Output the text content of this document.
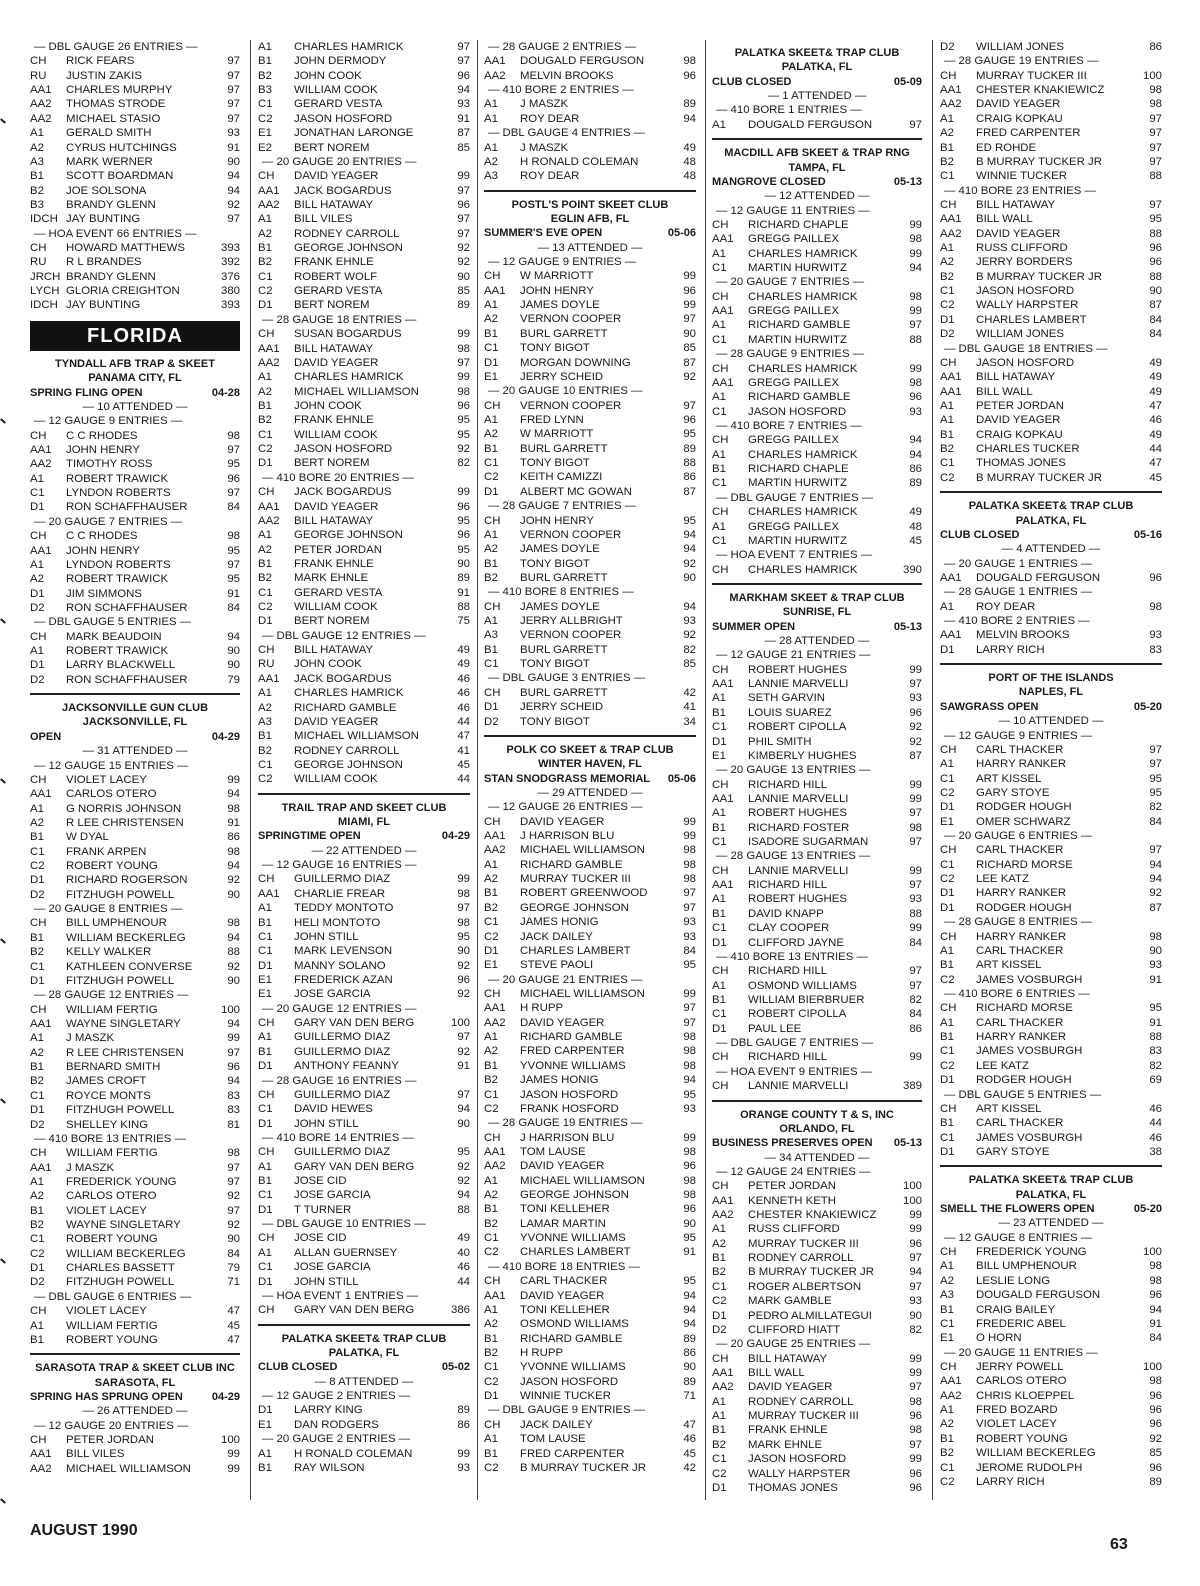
— DBL GAUGE 26 ENTRIES —
CH	RICK FEARS	97
RU	JUSTIN ZAKIS	97
AA1	CHARLES MURPHY	97
AA2	THOMAS STRODE	97
AA2	MICHAEL STASIO	97
A1	GERALD SMITH	93
A2	CYRUS HUTCHINGS	91
A3	MARK WERNER	90
B1	SCOTT BOARDMAN	94
B2	JOE SOLSONA	94
B3	BRANDY GLENN	92
IDCH JAY BUNTING	97
— HOA EVENT 66 ENTRIES —
CH	HOWARD MATTHEWS	393
RU	R L BRANDES	392
JRCH BRANDY GLENN	376
LYCH GLORIA CREIGHTON	380
IDCH JAY BUNTING	393
FLORIDA
TYNDALL AFB TRAP & SKEET
PANAMA CITY, FL
SPRING FLING OPEN	04-28
— 10 ATTENDED —
— 12 GAUGE 9 ENTRIES —
CH	C C RHODES	98
AA1	JOHN HENRY	97
AA2	TIMOTHY ROSS	95
A1	ROBERT TRAWICK	96
C1	LYNDON ROBERTS	97
D1	RON SCHAFFHAUSER	84
— 20 GAUGE 7 ENTRIES —
CH	C C RHODES	98
AA1	JOHN HENRY	95
A1	LYNDON ROBERTS	97
A2	ROBERT TRAWICK	95
D1	JIM SIMMONS	91
D2	RON SCHAFFHAUSER	84
— DBL GAUGE 5 ENTRIES —
CH	MARK BEAUDOIN	94
A1	ROBERT TRAWICK	90
D1	LARRY BLACKWELL	90
D2	RON SCHAFFHAUSER	79
JACKSONVILLE GUN CLUB
JACKSONVILLE, FL
OPEN	04-29
— 31 ATTENDED —
— 12 GAUGE 15 ENTRIES —
CH	VIOLET LACEY	99
AA1	CARLOS OTERO	94
A1	G NORRIS JOHNSON	98
A2	R LEE CHRISTENSEN	91
B1	W DYAL	86
C1	FRANK ARPEN	98
C2	ROBERT YOUNG	94
D1	RICHARD ROGERSON	92
D2	FITZHUGH POWELL	90
— 20 GAUGE 8 ENTRIES —
CH	BILL UMPHENOUR	98
B1	WILLIAM BECKERLEG	94
B2	KELLY WALKER	88
C1	KATHLEEN CONVERSE	92
D1	FITZHUGH POWELL	90
— 28 GAUGE 12 ENTRIES —
CH	WILLIAM FERTIG	100
AA1	WAYNE SINGLETARY	94
A1	J MASZK	99
A2	R LEE CHRISTENSEN	97
B1	BERNARD SMITH	96
B2	JAMES CROFT	94
C1	ROYCE MONTS	83
D1	FITZHUGH POWELL	83
D2	SHELLEY KING	81
— 410 BORE 13 ENTRIES —
CH	WILLIAM FERTIG	98
AA1	J MASZK	97
A1	FREDERICK YOUNG	97
A2	CARLOS OTERO	92
B1	VIOLET LACEY	97
B2	WAYNE SINGLETARY	92
C1	ROBERT YOUNG	90
C2	WILLIAM BECKERLEG	84
D1	CHARLES BASSETT	79
D2	FITZHUGH POWELL	71
— DBL GAUGE 6 ENTRIES —
CH	VIOLET LACEY	47
A1	WILLIAM FERTIG	45
B1	ROBERT YOUNG	47
SARASOTA TRAP & SKEET CLUB INC
SARASOTA, FL
SPRING HAS SPRUNG OPEN	04-29
— 26 ATTENDED —
— 12 GAUGE 20 ENTRIES —
CH	PETER JORDAN	100
AA1	BILL VILES	99
AA2	MICHAEL WILLIAMSON	99
A1	CHARLES HAMRICK	97
B1	JOHN DERMODY	97
B2	JOHN COOK	96
B3	WILLIAM COOK	94
C1	GERARD VESTA	93
C2	JASON HOSFORD	91
E1	JONATHAN LARONGE	87
E2	BERT NOREM	85
— 20 GAUGE 20 ENTRIES —
CH	DAVID YEAGER	99
AA1	JACK BOGARDUS	97
AA2	BILL HATAWAY	96
A1	BILL VILES	97
A2	RODNEY CARROLL	97
B1	GEORGE JOHNSON	92
B2	FRANK EHNLE	92
C1	ROBERT WOLF	90
C2	GERARD VESTA	85
D1	BERT NOREM	89
— 28 GAUGE 18 ENTRIES —
CH	SUSAN BOGARDUS	99
AA1	BILL HATAWAY	98
AA2	DAVID YEAGER	97
A1	CHARLES HAMRICK	99
A2	MICHAEL WILLIAMSON	98
B1	JOHN COOK	96
B2	FRANK EHNLE	95
C1	WILLIAM COOK	95
C2	JASON HOSFORD	92
D1	BERT NOREM	82
— 410 BORE 20 ENTRIES —
CH	JACK BOGARDUS	99
AA1	DAVID YEAGER	96
AA2	BILL HATAWAY	95
A1	GEORGE JOHNSON	96
A2	PETER JORDAN	95
B1	FRANK EHNLE	90
B2	MARK EHNLE	89
C1	GERARD VESTA	91
C2	WILLIAM COOK	88
D1	BERT NOREM	75
— DBL GAUGE 12 ENTRIES —
CH	BILL HATAWAY	49
RU	JOHN COOK	49
AA1	JACK BOGARDUS	46
A1	CHARLES HAMRICK	46
A2	RICHARD GAMBLE	46
A3	DAVID YEAGER	44
B1	MICHAEL WILLIAMSON	47
B2	RODNEY CARROLL	41
C1	GEORGE JOHNSON	45
C2	WILLIAM COOK	44
TRAIL TRAP AND SKEET CLUB
MIAMI, FL
SPRINGTIME OPEN	04-29
— 22 ATTENDED —
— 12 GAUGE 16 ENTRIES —
CH	GUILLERMO DIAZ	99
AA1	CHARLIE FREAR	98
A1	TEDDY MONTOTO	97
B1	HELI MONTOTO	98
C1	JOHN STILL	95
C1	MARK LEVENSON	90
D1	MANNY SOLANO	92
E1	FREDERICK AZAN	96
E1	JOSE GARCIA	92
— 20 GAUGE 12 ENTRIES —
CH	GARY VAN DEN BERG	100
A1	GUILLERMO DIAZ	97
B1	GUILLERMO DIAZ	92
D1	ANTHONY FEANNY	91
— 28 GAUGE 16 ENTRIES —
CH	GUILLERMO DIAZ	97
C1	DAVID HEWES	94
D1	JOHN STILL	90
— 410 BORE 14 ENTRIES —
CH	GUILLERMO DIAZ	95
A1	GARY VAN DEN BERG	92
B1	JOSE CID	92
C1	JOSE GARCIA	94
D1	T TURNER	88
— DBL GAUGE 10 ENTRIES —
CH	JOSE CID	49
A1	ALLAN GUERNSEY	40
C1	JOSE GARCIA	46
D1	JOHN STILL	44
— HOA EVENT 1 ENTRIES —
CH	GARY VAN DEN BERG	386
PALATKA SKEET& TRAP CLUB
PALATKA, FL
CLUB CLOSED	05-02
— 8 ATTENDED —
— 12 GAUGE 2 ENTRIES —
D1	LARRY KING	89
E1	DAN RODGERS	86
— 20 GAUGE 2 ENTRIES —
A1	H RONALD COLEMAN	99
B1	RAY WILSON	93
— 28 GAUGE 2 ENTRIES —
AA1	DOUGALD FERGUSON	98
AA2	MELVIN BROOKS	96
— 410 BORE 2 ENTRIES —
A1	J MASZK	89
A1	ROY DEAR	94
— DBL GAUGE 4 ENTRIES —
A1	J MASZK	49
A2	H RONALD COLEMAN	48
A3	ROY DEAR	48
POSTL'S POINT SKEET CLUB
EGLIN AFB, FL
SUMMER'S EVE OPEN	05-06
— 13 ATTENDED —
— 12 GAUGE 9 ENTRIES —
CH	W MARRIOTT	99
AA1	JOHN HENRY	96
A1	JAMES DOYLE	99
A2	VERNON COOPER	97
B1	BURL GARRETT	90
C1	TONY BIGOT	85
D1	MORGAN DOWNING	87
E1	JERRY SCHEID	92
— 20 GAUGE 10 ENTRIES —
CH	VERNON COOPER	97
A1	FRED LYNN	96
A2	W MARRIOTT	95
B1	BURL GARRETT	89
C1	TONY BIGOT	88
C2	KEITH CAMIZZI	86
D1	ALBERT MC GOWAN	87
— 28 GAUGE 7 ENTRIES —
CH	JOHN HENRY	95
A1	VERNON COOPER	94
A2	JAMES DOYLE	94
B1	TONY BIGOT	92
B2	BURL GARRETT	90
— 410 BORE 8 ENTRIES —
CH	JAMES DOYLE	94
A1	JERRY ALLBRIGHT	93
A3	VERNON COOPER	92
B1	BURL GARRETT	82
C1	TONY BIGOT	85
— DBL GAUGE 3 ENTRIES —
CH	BURL GARRETT	42
D1	JERRY SCHEID	41
D2	TONY BIGOT	34
POLK CO SKEET & TRAP CLUB
WINTER HAVEN, FL
STAN SNODGRASS MEMORIAL	05-06
— 29 ATTENDED —
— 12 GAUGE 26 ENTRIES —
CH	DAVID YEAGER	99
AA1	J HARRISON BLU	99
AA2	MICHAEL WILLIAMSON	98
A1	RICHARD GAMBLE	98
A2	MURRAY TUCKER III	98
B1	ROBERT GREENWOOD	97
B2	GEORGE JOHNSON	97
C1	JAMES HONIG	93
C2	JACK DAILEY	93
D1	CHARLES LAMBERT	84
E1	STEVE PAOLI	95
— 20 GAUGE 21 ENTRIES —
CH	MICHAEL WILLIAMSON	99
AA1	H RUPP	97
AA2	DAVID YEAGER	97
A1	RICHARD GAMBLE	98
A2	FRED CARPENTER	98
B1	YVONNE WILLIAMS	98
B2	JAMES HONIG	94
C1	JASON HOSFORD	95
C2	FRANK HOSFORD	93
— 28 GAUGE 19 ENTRIES —
CH	J HARRISON BLU	99
AA1	TOM LAUSE	98
AA2	DAVID YEAGER	96
A1	MICHAEL WILLIAMSON	98
A2	GEORGE JOHNSON	98
B1	TONI KELLEHER	96
B2	LAMAR MARTIN	90
C1	YVONNE WILLIAMS	95
C2	CHARLES LAMBERT	91
— 410 BORE 18 ENTRIES —
CH	CARL THACKER	95
AA1	DAVID YEAGER	94
A1	TONI KELLEHER	94
A2	OSMOND WILLIAMS	94
B1	RICHARD GAMBLE	89
B2	H RUPP	86
C1	YVONNE WILLIAMS	90
C2	JASON HOSFORD	89
D1	WINNIE TUCKER	71
— DBL GAUGE 9 ENTRIES —
CH	JACK DAILEY	47
A1	TOM LAUSE	46
B1	FRED CARPENTER	45
C2	B MURRAY TUCKER JR	42
PALATKA SKEET& TRAP CLUB
PALATKA, FL
CLUB CLOSED	05-09
— 1 ATTENDED —
— 410 BORE 1 ENTRIES —
A1	DOUGALD FERGUSON	97
MACDILL AFB SKEET & TRAP RNG
TAMPA, FL
MANGROVE CLOSED	05-13
— 12 ATTENDED —
— 12 GAUGE 11 ENTRIES —
CH	RICHARD CHAPLE	99
AA1	GREGG PAILLEX	98
A1	CHARLES HAMRICK	99
C1	MARTIN HURWITZ	94
— 20 GAUGE 7 ENTRIES —
CH	CHARLES HAMRICK	98
AA1	GREGG PAILLEX	99
A1	RICHARD GAMBLE	97
C1	MARTIN HURWITZ	88
— 28 GAUGE 9 ENTRIES —
CH	CHARLES HAMRICK	99
AA1	GREGG PAILLEX	98
A1	RICHARD GAMBLE	96
C1	JASON HOSFORD	93
— 410 BORE 7 ENTRIES —
CH	GREGG PAILLEX	94
A1	CHARLES HAMRICK	94
B1	RICHARD CHAPLE	86
C1	MARTIN HURWITZ	89
— DBL GAUGE 7 ENTRIES —
CH	CHARLES HAMRICK	49
A1	GREGG PAILLEX	48
C1	MARTIN HURWITZ	45
— HOA EVENT 7 ENTRIES —
CH	CHARLES HAMRICK	390
MARKHAM SKEET & TRAP CLUB
SUNRISE, FL
SUMMER OPEN	05-13
— 28 ATTENDED —
— 12 GAUGE 21 ENTRIES —
CH	ROBERT HUGHES	99
AA1	LANNIE MARVELLI	97
A1	SETH GARVIN	93
B1	LOUIS SUAREZ	96
C1	ROBERT CIPOLLA	92
D1	PHIL SMITH	92
E1	KIMBERLY HUGHES	87
— 20 GAUGE 13 ENTRIES —
CH	RICHARD HILL	99
AA1	LANNIE MARVELLI	99
A1	ROBERT HUGHES	97
B1	RICHARD FOSTER	98
C1	ISADORE SUGARMAN	97
— 28 GAUGE 13 ENTRIES —
CH	LANNIE MARVELLI	99
AA1	RICHARD HILL	97
A1	ROBERT HUGHES	93
B1	DAVID KNAPP	88
C1	CLAY COOPER	99
D1	CLIFFORD JAYNE	84
— 410 BORE 13 ENTRIES —
CH	RICHARD HILL	97
A1	OSMOND WILLIAMS	97
B1	WILLIAM BIERBRUER	82
C1	ROBERT CIPOLLA	84
D1	PAUL LEE	86
— DBL GAUGE 7 ENTRIES —
CH	RICHARD HILL	99
— HOA EVENT 9 ENTRIES —
CH	LANNIE MARVELLI	389
ORANGE COUNTY T & S, INC
ORLANDO, FL
BUSINESS PRESERVES OPEN	05-13
— 34 ATTENDED —
— 12 GAUGE 24 ENTRIES —
CH	PETER JORDAN	100
AA1	KENNETH KETH	100
AA2	CHESTER KNAKIEWICZ	99
A1	RUSS CLIFFORD	99
A2	MURRAY TUCKER III	96
B1	RODNEY CARROLL	97
B2	B MURRAY TUCKER JR	94
C1	ROGER ALBERTSON	97
C2	MARK GAMBLE	93
D1	PEDRO ALMILLATEGUI	90
D2	CLIFFORD HIATT	82
— 20 GAUGE 25 ENTRIES —
CH	BILL HATAWAY	99
AA1	BILL WALL	99
AA2	DAVID YEAGER	97
A1	RODNEY CARROLL	98
A1	MURRAY TUCKER III	96
B1	FRANK EHNLE	98
B2	MARK EHNLE	97
C1	JASON HOSFORD	99
C2	WALLY HARPSTER	96
D1	THOMAS JONES	96
D2	WILLIAM JONES	86
— 28 GAUGE 19 ENTRIES —
CH	MURRAY TUCKER III	100
AA1	CHESTER KNAKIEWICZ	98
AA2	DAVID YEAGER	98
A1	CRAIG KOPKAU	97
A2	FRED CARPENTER	97
B1	ED ROHDE	97
B2	B MURRAY TUCKER JR	97
C1	WINNIE TUCKER	88
— 410 BORE 23 ENTRIES —
CH	BILL HATAWAY	97
AA1	BILL WALL	95
AA2	DAVID YEAGER	88
A1	RUSS CLIFFORD	96
A2	JERRY BORDERS	96
B2	B MURRAY TUCKER JR	88
C1	JASON HOSFORD	90
C2	WALLY HARPSTER	87
D1	CHARLES LAMBERT	84
D2	WILLIAM JONES	84
— DBL GAUGE 18 ENTRIES —
CH	JASON HOSFORD	49
AA1	BILL HATAWAY	49
AA1	BILL WALL	49
A1	PETER JORDAN	47
A1	DAVID YEAGER	46
B1	CRAIG KOPKAU	49
B2	CHARLES TUCKER	44
C1	THOMAS JONES	47
C2	B MURRAY TUCKER JR	45
PALATKA SKEET& TRAP CLUB
PALATKA, FL
CLUB CLOSED	05-16
— 4 ATTENDED —
— 20 GAUGE 1 ENTRIES —
AA1	DOUGALD FERGUSON	96
— 28 GAUGE 1 ENTRIES —
A1	ROY DEAR	98
— 410 BORE 2 ENTRIES —
AA1	MELVIN BROOKS	93
D1	LARRY RICH	83
PORT OF THE ISLANDS
NAPLES, FL
SAWGRASS OPEN	05-20
— 10 ATTENDED —
— 12 GAUGE 9 ENTRIES —
CH	CARL THACKER	97
A1	HARRY RANKER	97
C1	ART KISSEL	95
C2	GARY STOYE	95
D1	RODGER HOUGH	82
E1	OMER SCHWARZ	84
— 20 GAUGE 6 ENTRIES —
CH	CARL THACKER	97
C1	RICHARD MORSE	94
C2	LEE KATZ	94
D1	HARRY RANKER	92
D1	RODGER HOUGH	87
— 28 GAUGE 8 ENTRIES —
CH	HARRY RANKER	98
A1	CARL THACKER	90
B1	ART KISSEL	93
C2	JAMES VOSBURGH	91
— 410 BORE 6 ENTRIES —
CH	RICHARD MORSE	95
A1	CARL THACKER	91
B1	HARRY RANKER	88
C1	JAMES VOSBURGH	83
C2	LEE KATZ	82
D1	RODGER HOUGH	69
— DBL GAUGE 5 ENTRIES —
CH	ART KISSEL	46
B1	CARL THACKER	44
C1	JAMES VOSBURGH	46
D1	GARY STOYE	38
PALATKA SKEET& TRAP CLUB
PALATKA, FL
SMELL THE FLOWERS OPEN	05-20
— 23 ATTENDED —
— 12 GAUGE 8 ENTRIES —
CH	FREDERICK YOUNG	100
A1	BILL UMPHENOUR	98
A2	LESLIE LONG	98
A3	DOUGALD FERGUSON	96
B1	CRAIG BAILEY	94
C1	FREDERIC ABEL	91
E1	O HORN	84
— 20 GAUGE 11 ENTRIES —
CH	JERRY POWELL	100
AA1	CARLOS OTERO	98
AA2	CHRIS KLOEPPEL	96
A1	FRED BOZARD	96
A2	VIOLET LACEY	96
B1	ROBERT YOUNG	92
B2	WILLIAM BECKERLEG	85
C1	JEROME RUDOLPH	96
C2	LARRY RICH	89
AUGUST 1990
63
